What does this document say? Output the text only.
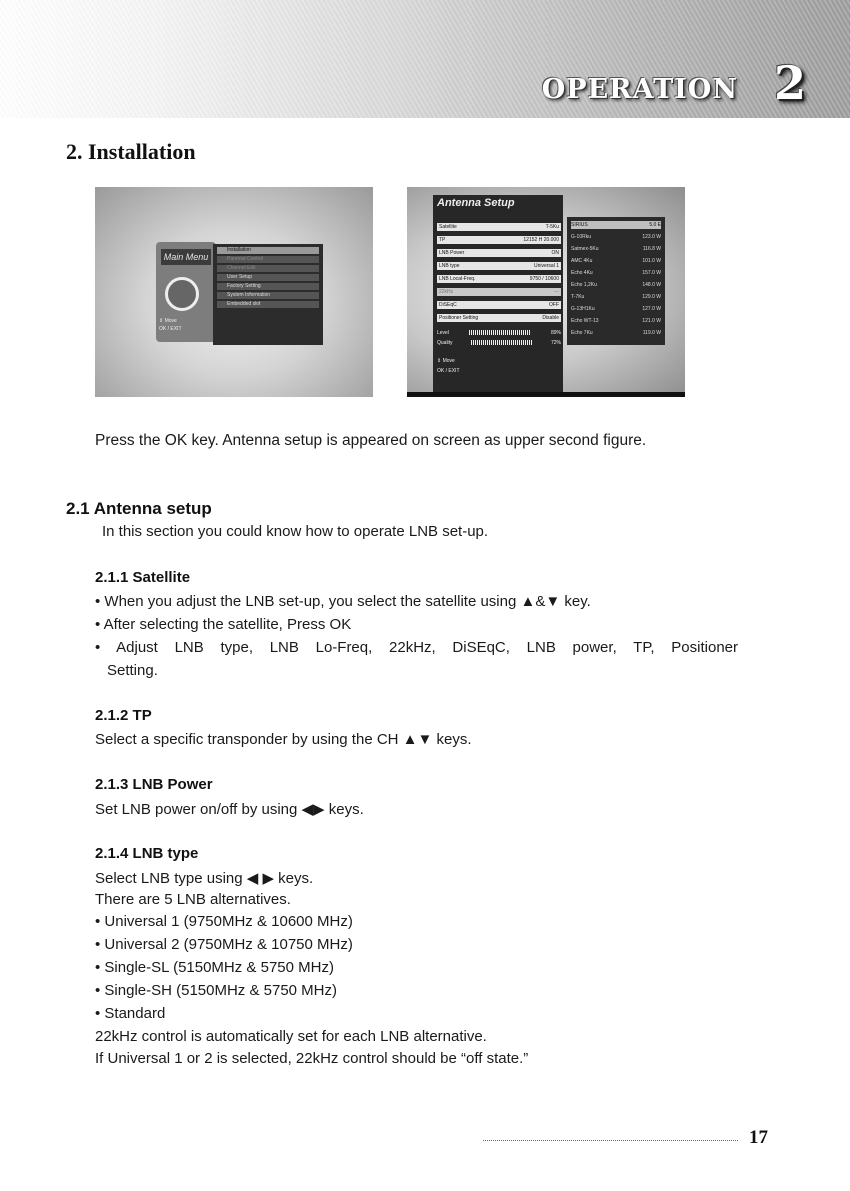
OPERATION 2
2. Installation
Main Menu
Installation
Parental Control
Channel Edit
User Setup
Factory Setting
System Information
Embedded slot
⇕ Move
OK / EXIT
Antenna Setup
Satellite	T-5Ku
TP	12152 H 20.000
LNB Power	ON
LNB type	Universal 1
LNB Local-Freq.	9750 / 10600
22kHz	---
DiSEqC	OFF
Positioner Setting	Disable
Level	89%
Quality	72%
⇕ Move
OK / EXIT
SIRIUS	5.0 E
G-10Rku	123.0 W
Satmex-5Ku	116.8 W
AMC 4Ku	101.0 W
Echo 4Ku	157.0 W
Echo 1,2Ku	148.0 W
T-7Ku	129.0 W
G-13H1Ku	127.0 W
Echo WT-13	121.0 W
Echo 7Ku	119.0 W
Press the OK key. Antenna setup is appeared on screen as upper second figure.
2.1 Antenna setup
In this section you could know how to operate LNB set-up.
2.1.1 Satellite
• When you adjust the LNB set-up, you select the satellite using ▲&▼ key.
• After selecting the satellite, Press OK
• Adjust LNB type, LNB Lo-Freq, 22kHz, DiSEqC, LNB power, TP, Positioner
Setting.
2.1.2 TP
Select a specific transponder by using the CH ▲▼ keys.
2.1.3 LNB Power
Set LNB power on/off by using ◀▶ keys.
2.1.4 LNB type
Select LNB type using ◀ ▶ keys.
There are 5 LNB alternatives.
• Universal 1 (9750MHz & 10600 MHz)
• Universal 2 (9750MHz & 10750 MHz)
• Single-SL (5150MHz & 5750 MHz)
• Single-SH (5150MHz & 5750 MHz)
• Standard
22kHz control is automatically set for each LNB alternative.
If Universal 1 or 2 is selected, 22kHz control should be “off state.”
17
